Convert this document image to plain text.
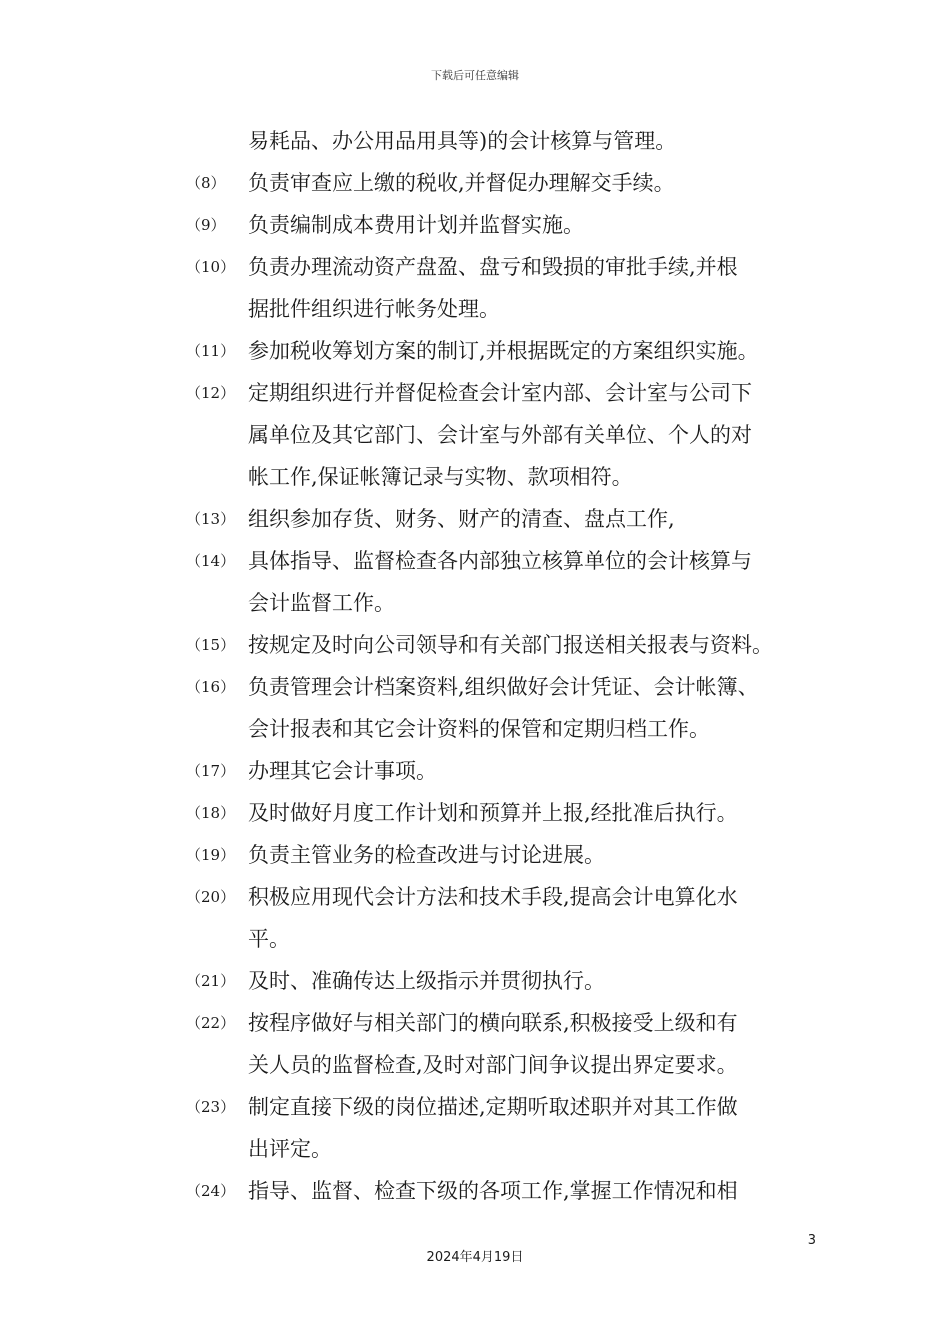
下载后可任意编辑
易耗品、办公用品用具等)的会计核算与管理。
（8）	负责审查应上缴的税收,并督促办理解交手续。
（9）	负责编制成本费用计划并监督实施。
（10） 负责办理流动资产盘盈、盘亏和毁损的审批手续,并根
据批件组织进行帐务处理。
（11） 参加税收筹划方案的制订,并根据既定的方案组织实施。
（12） 定期组织进行并督促检查会计室内部、会计室与公司下
属单位及其它部门、会计室与外部有关单位、个人的对
帐工作,保证帐簿记录与实物、款项相符。
（13） 组织参加存货、财务、财产的清查、盘点工作,
（14） 具体指导、监督检查各内部独立核算单位的会计核算与
会计监督工作。
（15） 按规定及时向公司领导和有关部门报送相关报表与资料。
（16） 负责管理会计档案资料,组织做好会计凭证、会计帐簿、
会计报表和其它会计资料的保管和定期归档工作。
（17） 办理其它会计事项。
（18） 及时做好月度工作计划和预算并上报,经批准后执行。
（19） 负责主管业务的检查改进与讨论进展。
（20） 积极应用现代会计方法和技术手段,提高会计电算化水
平。
（21） 及时、准确传达上级指示并贯彻执行。
（22） 按程序做好与相关部门的横向联系,积极接受上级和有
关人员的监督检查,及时对部门间争议提出界定要求。
（23） 制定直接下级的岗位描述,定期听取述职并对其工作做
出评定。
（24） 指导、监督、检查下级的各项工作,掌握工作情况和相
3
2024年4月19日
